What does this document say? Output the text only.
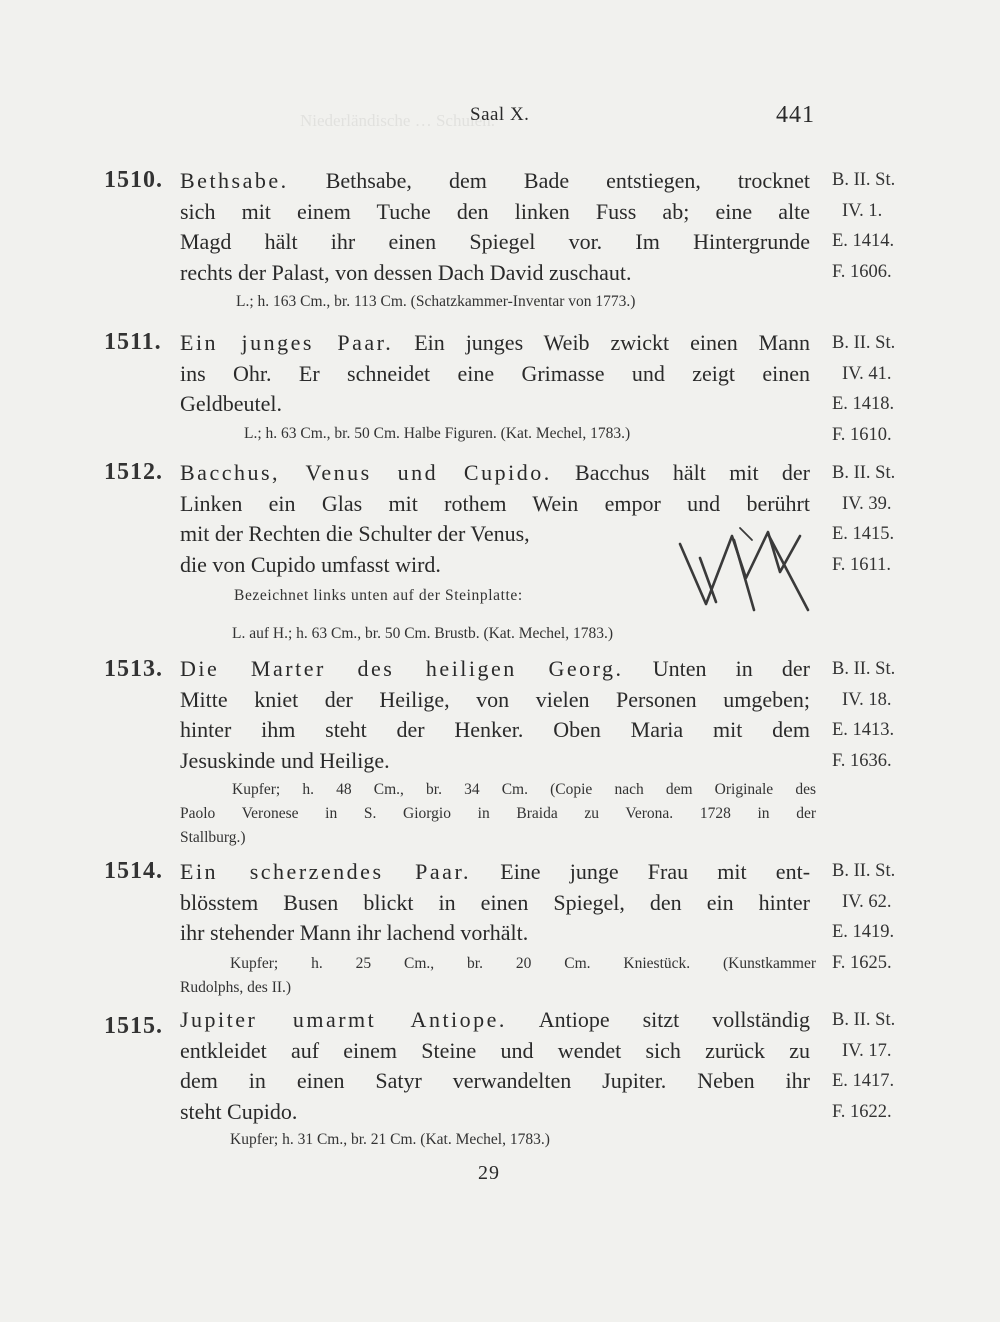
Niederländische … Schulen.
Saal X.	441
1510. Bethsabe. Bethsabe, dem Bade entstiegen, trocknet
sich mit einem Tuche den linken Fuss ab; eine alte
Magd hält ihr einen Spiegel vor. Im Hintergrunde
rechts der Palast, von dessen Dach David zuschaut.
L.; h. 163 Cm., br. 113 Cm. (Schatzkammer-Inventar von 1773.)
B. II. St.
IV. 1.
E. 1414.
F. 1606.
1511. Ein junges Paar. Ein junges Weib zwickt einen Mann
ins Ohr. Er schneidet eine Grimasse und zeigt einen
Geldbeutel.
L.; h. 63 Cm., br. 50 Cm. Halbe Figuren. (Kat. Mechel, 1783.)
B. II. St.
IV. 41.
E. 1418.
F. 1610.
1512. Bacchus, Venus und Cupido. Bacchus hält mit der
Linken ein Glas mit rothem Wein empor und berührt
mit der Rechten die Schulter der Venus,
die von Cupido umfasst wird.
Bezeichnet links unten auf der Steinplatte:
L. auf H.; h. 63 Cm., br. 50 Cm. Brustb. (Kat. Mechel, 1783.)
B. II. St.
IV. 39.
E. 1415.
F. 1611.
1513. Die Marter des heiligen Georg. Unten in der
Mitte kniet der Heilige, von vielen Personen umgeben;
hinter ihm steht der Henker. Oben Maria mit dem
Jesuskinde und Heilige.
Kupfer; h. 48 Cm., br. 34 Cm. (Copie nach dem Originale des
Paolo Veronese in S. Giorgio in Braida zu Verona. 1728 in der
Stallburg.)
B. II. St.
IV. 18.
E. 1413.
F. 1636.
1514. Ein scherzendes Paar. Eine junge Frau mit ent-
blösstem Busen blickt in einen Spiegel, den ein hinter
ihr stehender Mann ihr lachend vorhält.
Kupfer; h. 25 Cm., br. 20 Cm. Kniestück. (Kunstkammer
Rudolphs, des II.)
B. II. St.
IV. 62.
E. 1419.
F. 1625.
1515. Jupiter umarmt Antiope. Antiope sitzt vollständig
entkleidet auf einem Steine und wendet sich zurück zu
dem in einen Satyr verwandelten Jupiter. Neben ihr
steht Cupido.
Kupfer; h. 31 Cm., br. 21 Cm. (Kat. Mechel, 1783.)
B. II. St.
IV. 17.
E. 1417.
F. 1622.
29
